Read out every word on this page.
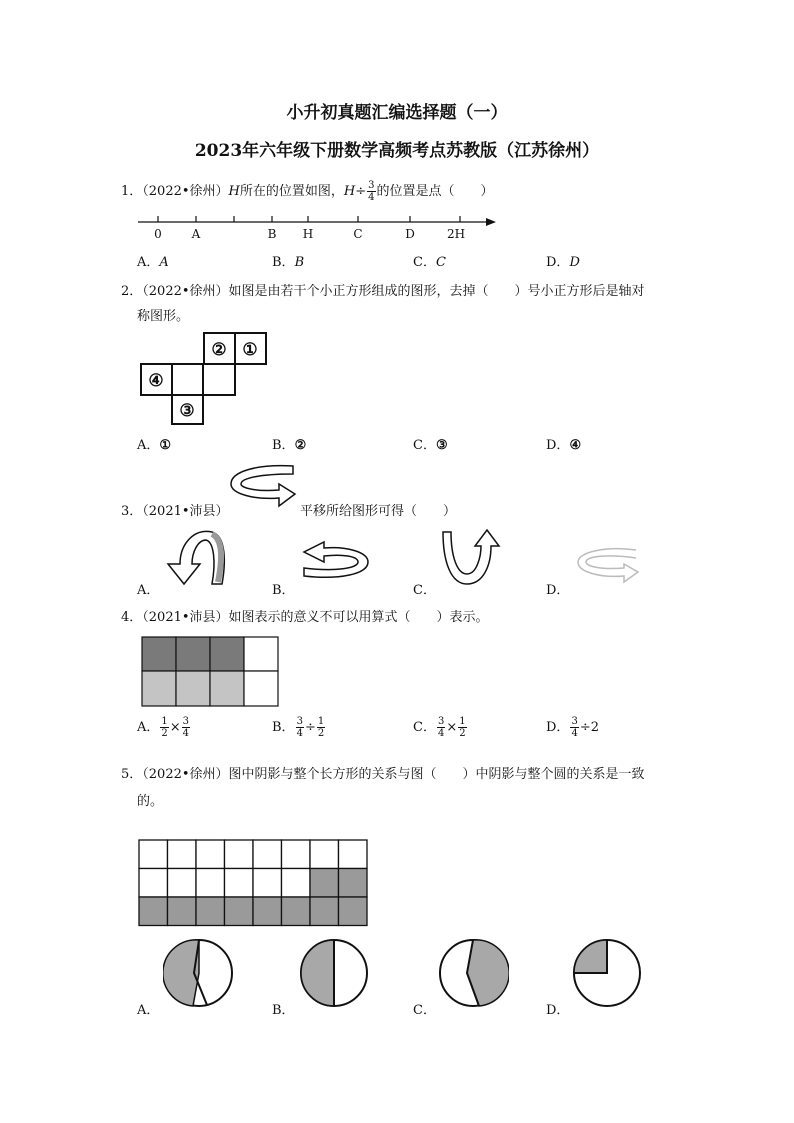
小升初真题汇编选择题（一）
2023年六年级下册数学高频考点苏教版（江苏徐州）
1．（2022•徐州）H所在的位置如图，$H\div \frac{3}{4}$ 的位置是点（　　）
0 A	B H	C	D	2H
A．A	B．B	C．C	D．D
2．（2022•徐州）如图是由若干个小正方形组成的图形，去掉（　　）号小正方形后是轴对
称图形。
② ①
④
③
A．①	B．②	C．③	D．④
3．（2021•沛县）	平移所给图形可得（　　）
A．	B．	C．	D．
4．（2021•沛县）如图表示的意义不可以用算式（　　）表示。
A． $\frac{1}{2} \times \frac{3}{4}$	B． $\frac{3}{4} \div \frac{1}{2}$	C． $\frac{3}{4} \times \frac{1}{2}$	D． $\frac{3}{4} \div 2$
5．（2022•徐州）图中阴影与整个长方形的关系与图（　　）中阴影与整个圆的关系是一致
的。
A．	B．	C．	D．
